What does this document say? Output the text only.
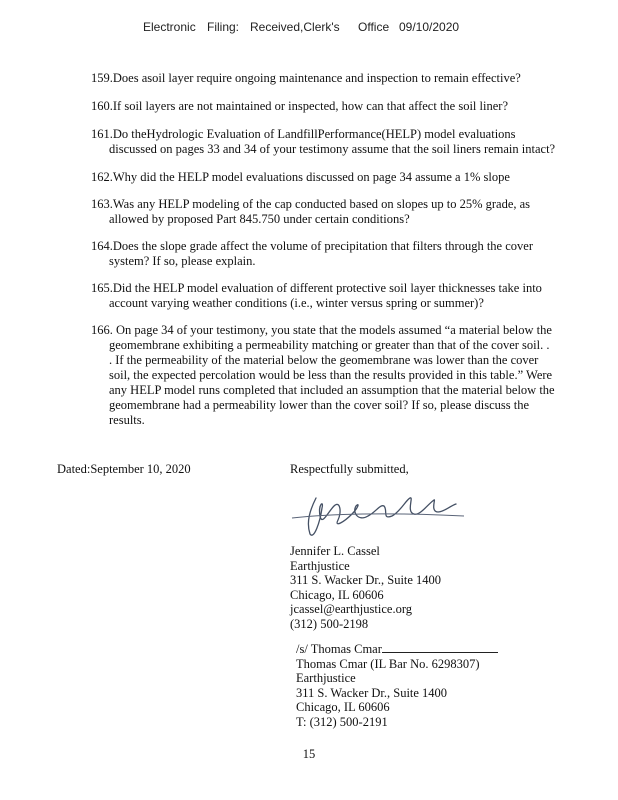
Electronic Filing: Received,Clerk's Office 09/10/2020
159.Does asoil layer require ongoing maintenance and inspection to remain effective?
160.If soil layers are not maintained or inspected, how can that affect the soil liner?
161.Do theHydrologic Evaluation of LandfillPerformance(HELP) model evaluations
discussed on pages 33 and 34 of your testimony assume that the soil liners remain intact?
162.Why did the HELP model evaluations discussed on page 34 assume a 1% slope
163.Was any HELP modeling of the cap conducted based on slopes up to 25% grade, as
allowed by proposed Part 845.750 under certain conditions?
164.Does the slope grade affect the volume of precipitation that filters through the cover
system? If so, please explain.
165.Did the HELP model evaluation of different protective soil layer thicknesses take into
account varying weather conditions (i.e., winter versus spring or summer)?
166. On page 34 of your testimony, you state that the models assumed “a material below the
geomembrane exhibiting a permeability matching or greater than that of the cover soil. .
. If the permeability of the material below the geomembrane was lower than the cover
soil, the expected percolation would be less than the results provided in this table.” Were
any HELP model runs completed that included an assumption that the material below the
geomembrane had a permeability lower than the cover soil? If so, please discuss the
results.
Dated:September 10, 2020	Respectfully submitted,
Jennifer L. Cassel
Earthjustice
311 S. Wacker Dr., Suite 1400
Chicago, IL 60606
jcassel@earthjustice.org
(312) 500-2198
/s/ Thomas Cmar
Thomas Cmar (IL Bar No. 6298307)
Earthjustice
311 S. Wacker Dr., Suite 1400
Chicago, IL 60606
T: (312) 500-2191
15
